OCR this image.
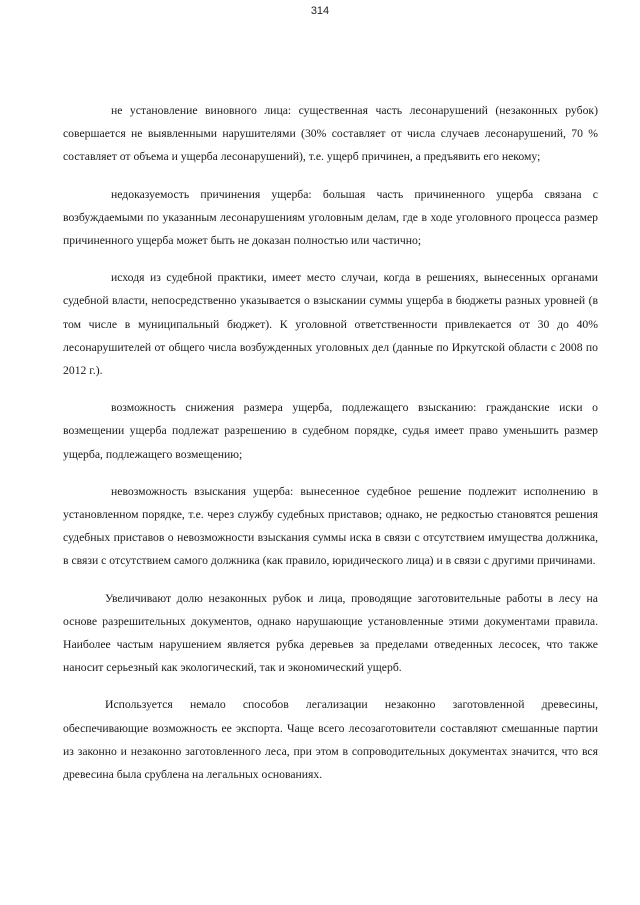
314

не установление виновного лица: существенная часть лесонарушений (незаконных рубок) совершается не выявленными нарушителями (30% составляет от числа случаев лесонарушений, 70 % составляет от объема и ущерба лесонарушений), т.е. ущерб причинен, а предъявить его некому;

недоказуемость причинения ущерба: большая часть причиненного ущерба связана с возбуждаемыми по указанным лесонарушениям уголовным делам, где в ходе уголовного процесса размер причиненного ущерба может быть не доказан полностью или частично;

исходя из судебной практики, имеет место случаи, когда в решениях, вынесенных органами судебной власти, непосредственно указывается о взыскании суммы ущерба в бюджеты разных уровней (в том числе в муниципальный бюджет). К уголовной ответственности привлекается от 30 до 40% лесонарушителей от общего числа возбужденных уголовных дел (данные по Иркутской области с 2008 по 2012 г.).

возможность снижения размера ущерба, подлежащего взысканию: гражданские иски о возмещении ущерба подлежат разрешению в судебном порядке, судья имеет право уменьшить размер ущерба, подлежащего возмещению;

невозможность взыскания ущерба: вынесенное судебное решение подлежит исполнению в установленном порядке, т.е. через службу судебных приставов; однако, не редкостью становятся решения судебных приставов о невозможности взыскания суммы иска в связи с отсутствием имущества должника, в связи с отсутствием самого должника (как правило, юридического лица) и в связи с другими причинами.

Увеличивают долю незаконных рубок и лица, проводящие заготовительные работы в лесу на основе разрешительных документов, однако нарушающие установленные этими документами правила. Наиболее частым нарушением является рубка деревьев за пределами отведенных лесосек, что также наносит серьезный как экологический, так и экономический ущерб.

Используется немало способов легализации незаконно заготовленной древесины, обеспечивающие возможность ее экспорта. Чаще всего лесозаготовители составляют смешанные партии из законно и незаконно заготовленного леса, при этом в сопроводительных документах значится, что вся древесина была срублена на легальных основаниях.
